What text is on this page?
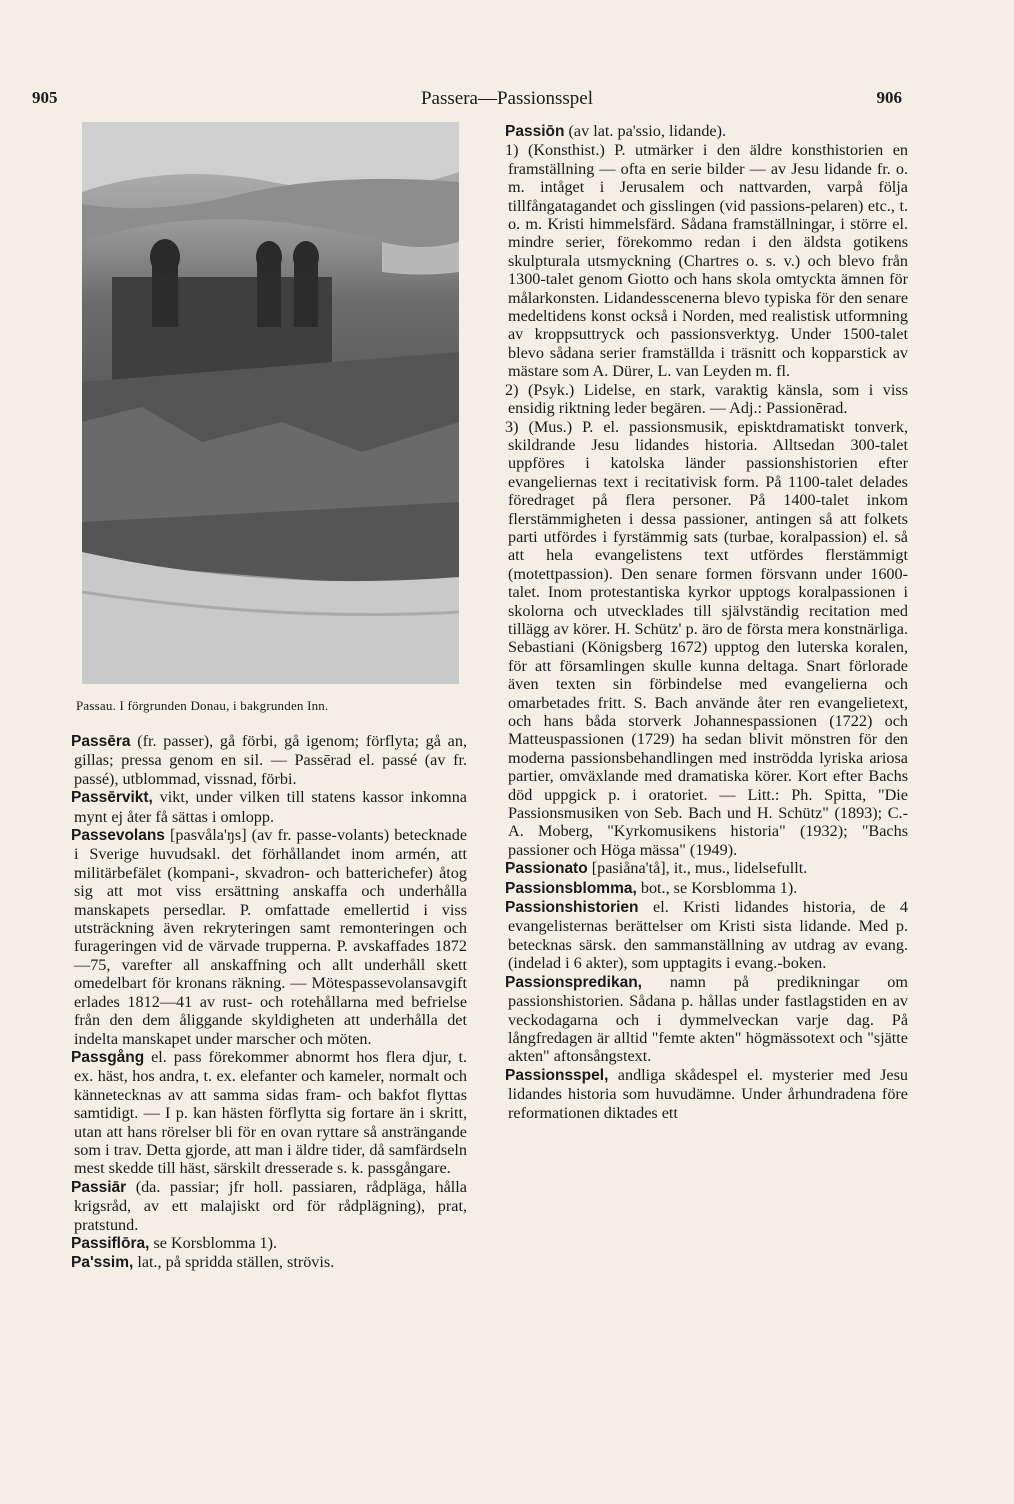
905	Passera—Passionsspel	906
Passau. I förgrunden Donau, i bakgrunden Inn.

Passēra (fr. passer), gå förbi, gå igenom; förflyta; gå an, gillas; pressa genom en sil. — Passērad el. passé (av fr. passé), utblommad, vissnad, förbi.

Passērvikt, vikt, under vilken till statens kassor inkomna mynt ej åter få sättas i omlopp.

Passevolans [pasvåla'ŋs] (av fr. passe-volants) betecknade i Sverige huvudsakl. det förhållandet inom armén, att militärbefälet (kompani-, skvadron- och batterichefer) åtog sig att mot viss ersättning anskaffa och underhålla manskapets persedlar. P. omfattade emellertid i viss utsträckning även rekryteringen samt remonteringen och furageringen vid de värvade trupperna. P. avskaffades 1872—75, varefter all anskaffning och allt underhåll skett omedelbart för kronans räkning. — Mötespassevolansavgift erlades 1812—41 av rust- och rotehållarna med befrielse från den dem åliggande skyldigheten att underhålla det indelta manskapet under marscher och möten.

Passgång el. pass förekommer abnormt hos flera djur, t. ex. häst, hos andra, t. ex. elefanter och kameler, normalt och kännetecknas av att samma sidas fram- och bakfot flyttas samtidigt. — I p. kan hästen förflytta sig fortare än i skritt, utan att hans rörelser bli för en ovan ryttare så ansträngande som i trav. Detta gjorde, att man i äldre tider, då samfärdseln mest skedde till häst, särskilt dresserade s. k. passgångare.

Passiār (da. passiar; jfr holl. passiaren, rådpläga, hålla krigsråd, av ett malajiskt ord för rådplägning), prat, pratstund.

Passiflōra, se Korsblomma 1).

Pa'ssim, lat., på spridda ställen, strövis.

Passiōn (av lat. pa'ssio, lidande).

1) (Konsthist.) P. utmärker i den äldre konsthistorien en framställning — ofta en serie bilder — av Jesu lidande fr. o. m. intåget i Jerusalem och nattvarden, varpå följa tillfångatagandet och gisslingen (vid passions-pelaren) etc., t. o. m. Kristi himmelsfärd. Sådana framställningar, i större el. mindre serier, förekommo redan i den äldsta gotikens skulpturala utsmyckning (Chartres o. s. v.) och blevo från 1300-talet genom Giotto och hans skola omtyckta ämnen för målarkonsten. Lidandesscenerna blevo typiska för den senare medeltidens konst också i Norden, med realistisk utformning av kroppsuttryck och passionsverktyg. Under 1500-talet blevo sådana serier framställda i träsnitt och kopparstick av mästare som A. Dürer, L. van Leyden m. fl.

2) (Psyk.) Lidelse, en stark, varaktig känsla, som i viss ensidig riktning leder begären. — Adj.: Passionērad.

3) (Mus.) P. el. passionsmusik, episktdramatiskt tonverk, skildrande Jesu lidandes historia. Alltsedan 300-talet uppföres i katolska länder passionshistorien efter evangeliernas text i recitativisk form. På 1100-talet delades föredraget på flera personer. På 1400-talet inkom flerstämmigheten i dessa passioner, antingen så att folkets parti utfördes i fyrstämmig sats (turbae, koralpassion) el. så att hela evangelistens text utfördes flerstämmigt (motettpassion). Den senare formen försvann under 1600-talet. Inom protestantiska kyrkor upptogs koralpassionen i skolorna och utvecklades till självständig recitation med tillägg av körer. H. Schütz' p. äro de första mera konstnärliga. Sebastiani (Königsberg 1672) upptog den luterska koralen, för att församlingen skulle kunna deltaga. Snart förlorade även texten sin förbindelse med evangelierna och omarbetades fritt. S. Bach använde åter ren evangelietext, och hans båda storverk Johannespassionen (1722) och Matteuspassionen (1729) ha sedan blivit mönstren för den moderna passionsbehandlingen med inströdda lyriska ariosa partier, omväxlande med dramatiska körer. Kort efter Bachs död uppgick p. i oratoriet. — Litt.: Ph. Spitta, "Die Passionsmusiken von Seb. Bach und H. Schütz" (1893); C.-A. Moberg, "Kyrkomusikens historia" (1932); "Bachs passioner och Höga mässa" (1949).

Passionato [pasiåna'tå], it., mus., lidelsefullt.

Passionsblomma, bot., se Korsblomma 1).

Passionshistorien el. Kristi lidandes historia, de 4 evangelisternas berättelser om Kristi sista lidande. Med p. betecknas särsk. den sammanställning av utdrag av evang. (indelad i 6 akter), som upptagits i evang.-boken.

Passionspredikan, namn på predikningar om passionshistorien. Sådana p. hållas under fastlagstiden en av veckodagarna och i dymmelveckan varje dag. På långfredagen är alltid "femte akten" högmässotext och "sjätte akten" aftonsångstext.

Passionsspel, andliga skådespel el. mysterier med Jesu lidandes historia som huvudämne. Under århundradena före reformationen diktades ett
